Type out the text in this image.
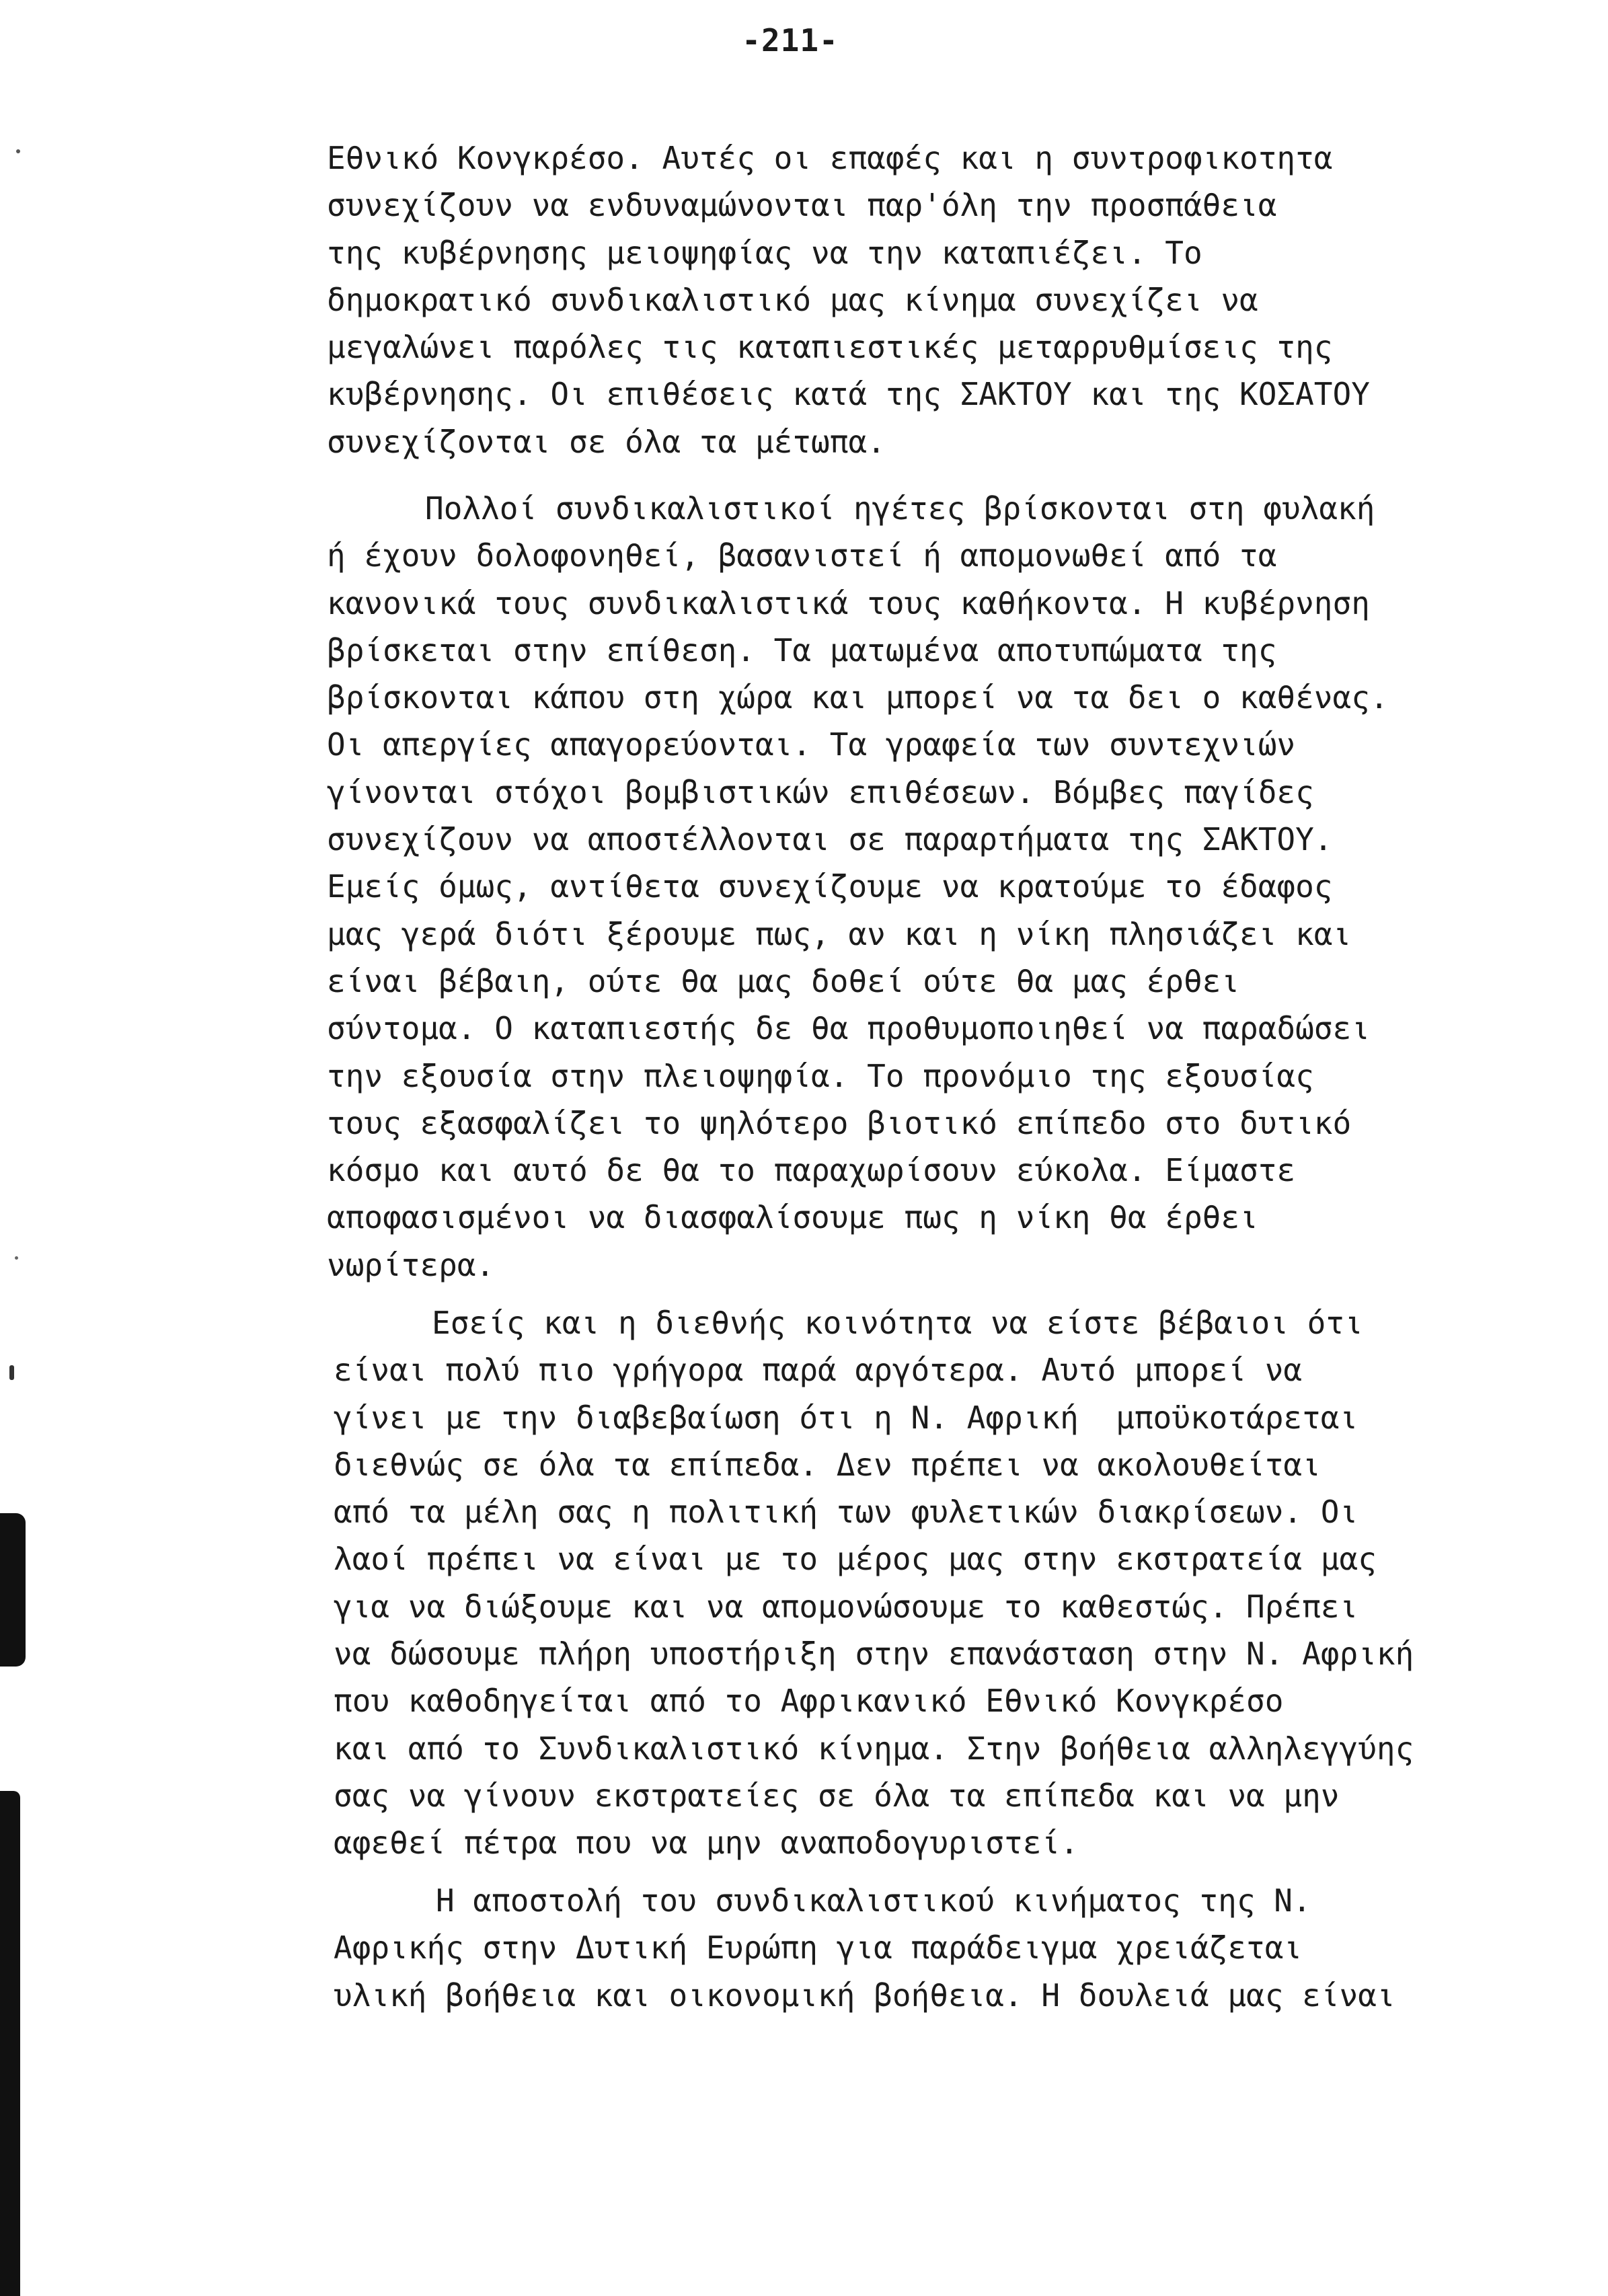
-211-
Εθνικό Κονγκρέσο. Αυτές οι επαφές και η συντροφικοτητα
συνεχίζουν να ενδυναμώνονται παρ'όλη την προσπάθεια
της κυβέρνησης μειοψηφίας να την καταπιέζει. Το
δημοκρατικό συνδικαλιστικό μας κίνημα συνεχίζει να
μεγαλώνει παρόλες τις καταπιεστικές μεταρρυθμίσεις της
κυβέρνησης. Οι επιθέσεις κατά της ΣΑΚΤΟΥ και της ΚΟΣΑΤΟΥ
συνεχίζονται σε όλα τα μέτωπα.
Πολλοί συνδικαλιστικοί ηγέτες βρίσκονται στη φυλακή
ή έχουν δολοφονηθεί, βασανιστεί ή απομονωθεί από τα
κανονικά τους συνδικαλιστικά τους καθήκοντα. Η κυβέρνηση
βρίσκεται στην επίθεση. Τα ματωμένα αποτυπώματα της
βρίσκονται κάπου στη χώρα και μπορεί να τα δει ο καθένας.
Οι απεργίες απαγορεύονται. Τα γραφεία των συντεχνιών
γίνονται στόχοι βομβιστικών επιθέσεων. Βόμβες παγίδες
συνεχίζουν να αποστέλλονται σε παραρτήματα της ΣΑΚΤΟΥ.
Εμείς όμως, αντίθετα συνεχίζουμε να κρατούμε το έδαφος
μας γερά διότι ξέρουμε πως, αν και η νίκη πλησιάζει και
είναι βέβαιη, ούτε θα μας δοθεί ούτε θα μας έρθει
σύντομα. Ο καταπιεστής δε θα προθυμοποιηθεί να παραδώσει
την εξουσία στην πλειοψηφία. Το προνόμιο της εξουσίας
τους εξασφαλίζει το ψηλότερο βιοτικό επίπεδο στο δυτικό
κόσμο και αυτό δε θα το παραχωρίσουν εύκολα. Είμαστε
αποφασισμένοι να διασφαλίσουμε πως η νίκη θα έρθει
νωρίτερα.
Εσείς και η διεθνής κοινότητα να είστε βέβαιοι ότι
είναι πολύ πιο γρήγορα παρά αργότερα. Αυτό μπορεί να
γίνει με την διαβεβαίωση ότι η Ν. Αφρική  μποϋκοτάρεται
διεθνώς σε όλα τα επίπεδα. Δεν πρέπει να ακολουθείται
από τα μέλη σας η πολιτική των φυλετικών διακρίσεων. Οι
λαοί πρέπει να είναι με το μέρος μας στην εκστρατεία μας
για να διώξουμε και να απομονώσουμε το καθεστώς. Πρέπει
να δώσουμε πλήρη υποστήριξη στην επανάσταση στην Ν. Αφρική
που καθοδηγείται από το Αφρικανικό Εθνικό Κονγκρέσο
και από το Συνδικαλιστικό κίνημα. Στην βοήθεια αλληλεγγύης
σας να γίνουν εκστρατείες σε όλα τα επίπεδα και να μην
αφεθεί πέτρα που να μην αναποδογυριστεί.
Η αποστολή του συνδικαλιστικού κινήματος της Ν.
Αφρικής στην Δυτική Ευρώπη για παράδειγμα χρειάζεται
υλική βοήθεια και οικονομική βοήθεια. Η δουλειά μας είναι
